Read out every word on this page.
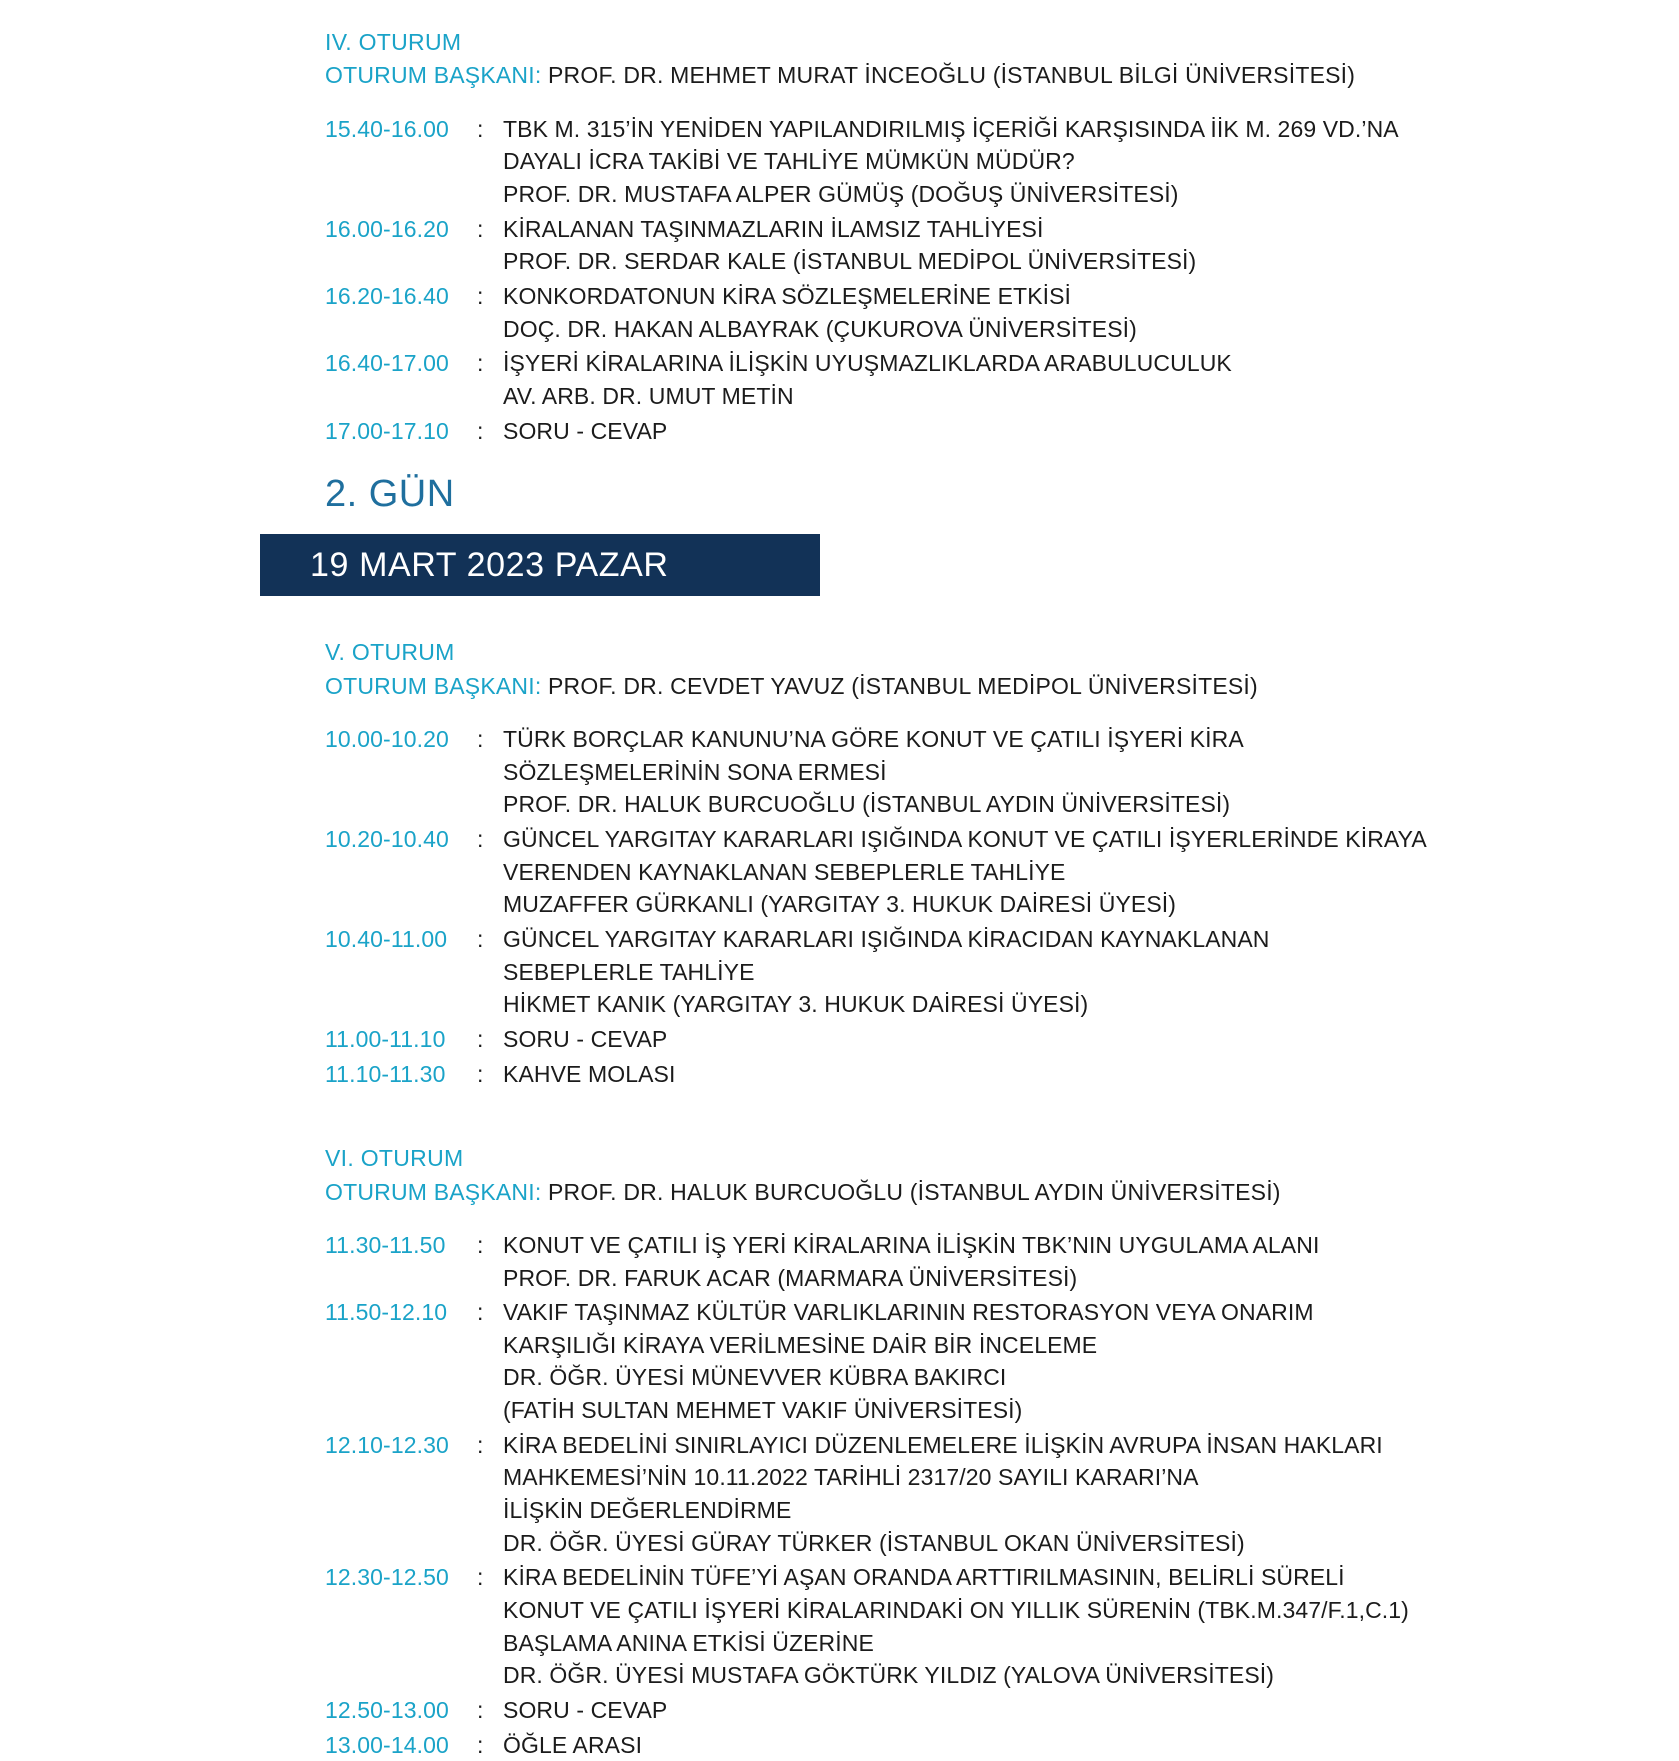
IV. OTURUM
OTURUM BAŞKANI: PROF. DR. MEHMET MURAT İNCEOĞLU (İSTANBUL BİLGİ ÜNİVERSİTESİ)
15.40-16.00	:	TBK M. 315’İN YENİDEN YAPILANDIRILMIŞ İÇERİĞİ KARŞISINDA İİK M. 269 VD.’NA
DAYALI İCRA TAKİBİ VE TAHLİYE MÜMKÜN MÜDÜR?
PROF. DR. MUSTAFA ALPER GÜMÜŞ (DOĞUŞ ÜNİVERSİTESİ)

16.00-16.20	:	KİRALANAN TAŞINMAZLARIN İLAMSIZ TAHLİYESİ
PROF. DR. SERDAR KALE (İSTANBUL MEDİPOL ÜNİVERSİTESİ)

16.20-16.40	:	KONKORDATONUN KİRA SÖZLEŞMELERİNE ETKİSİ
DOÇ. DR. HAKAN ALBAYRAK (ÇUKUROVA ÜNİVERSİTESİ)

16.40-17.00	:	İŞYERİ KİRALARINA İLİŞKİN UYUŞMAZLIKLARDA ARABULUCULUK
AV. ARB. DR. UMUT METİN

17.00-17.10	:	SORU - CEVAP
2. GÜN
19 MART 2023 PAZAR
V. OTURUM
OTURUM BAŞKANI: PROF. DR. CEVDET YAVUZ (İSTANBUL MEDİPOL ÜNİVERSİTESİ)
10.00-10.20	:	TÜRK BORÇLAR KANUNU’NA GÖRE KONUT VE ÇATILI İŞYERİ KİRA
SÖZLEŞMELERİNİN SONA ERMESİ
PROF. DR. HALUK BURCUOĞLU (İSTANBUL AYDIN ÜNİVERSİTESİ)

10.20-10.40	:	GÜNCEL YARGITAY KARARLARI IŞIĞINDA KONUT VE ÇATILI İŞYERLERİNDE KİRAYA
VERENDEN KAYNAKLANAN SEBEPLERLE TAHLİYE
MUZAFFER GÜRKANLI (YARGITAY 3. HUKUK DAİRESİ ÜYESİ)

10.40-11.00	:	GÜNCEL YARGITAY KARARLARI IŞIĞINDA KİRACIDAN KAYNAKLANAN
SEBEPLERLE TAHLİYE
HİKMET KANIK (YARGITAY 3. HUKUK DAİRESİ ÜYESİ)

11.00-11.10	:	SORU - CEVAP

11.10-11.30	:	KAHVE MOLASI
VI. OTURUM
OTURUM BAŞKANI: PROF. DR. HALUK BURCUOĞLU (İSTANBUL AYDIN ÜNİVERSİTESİ)
11.30-11.50	:	KONUT VE ÇATILI İŞ YERİ KİRALARINA İLİŞKİN TBK’NIN UYGULAMA ALANI
PROF. DR. FARUK ACAR (MARMARA ÜNİVERSİTESİ)

11.50-12.10	:	VAKIF TAŞINMAZ KÜLTÜR VARLIKLARININ RESTORASYON VEYA ONARIM
KARŞILIĞI KİRAYA VERİLMESİNE DAİR BİR İNCELEME
DR. ÖĞR. ÜYESİ MÜNEVVER KÜBRA BAKIRCI
(FATİH SULTAN MEHMET VAKIF ÜNİVERSİTESİ)

12.10-12.30	:	KİRA BEDELİNİ SINIRLAYICI DÜZENLEMELERE İLİŞKİN AVRUPA İNSAN HAKLARI
MAHKEMESİ’NİN 10.11.2022 TARİHLİ 2317/20 SAYILI KARARI’NA
İLİŞKİN DEĞERLENDİRME
DR. ÖĞR. ÜYESİ GÜRAY TÜRKER (İSTANBUL OKAN ÜNİVERSİTESİ)

12.30-12.50	:	KİRA BEDELİNİN TÜFE’Yİ AŞAN ORANDA ARTTIRILMASININ, BELİRLİ SÜRELİ
KONUT VE ÇATILI İŞYERİ KİRALARINDAKİ ON YILLIK SÜRENİN (TBK.M.347/F.1,C.1)
BAŞLAMA ANINA ETKİSİ ÜZERİNE
DR. ÖĞR. ÜYESİ MUSTAFA GÖKTÜRK YILDIZ (YALOVA ÜNİVERSİTESİ)

12.50-13.00	:	SORU - CEVAP

13.00-14.00	:	ÖĞLE ARASI
